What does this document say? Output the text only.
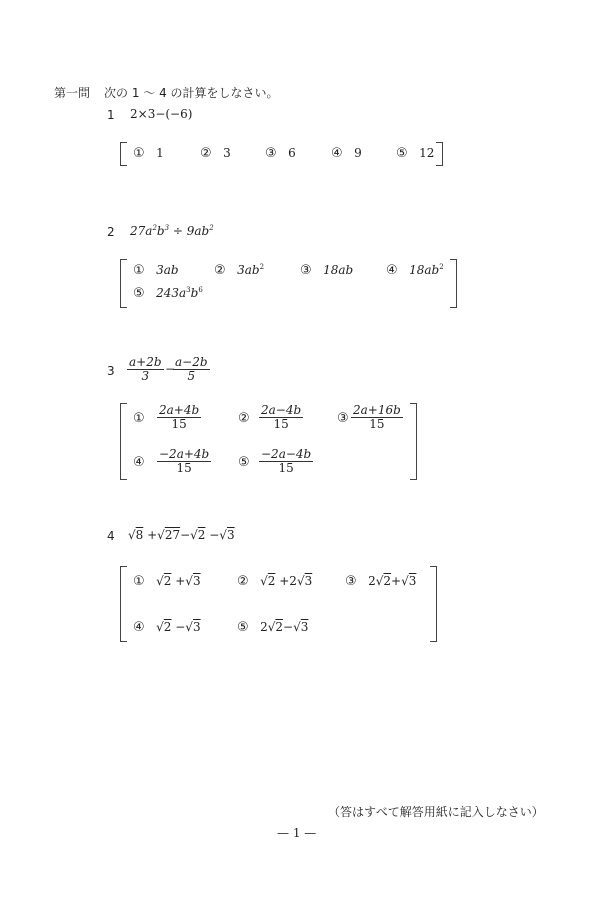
第一問 次の 1 ～ 4 の計算をしなさい。
1 2×3−(−6)
① 1	② 3	③ 6	④ 9	⑤ 12
2 $27a^2b^3 \div 9ab^2$
① 3ab	② $3ab^2$	③ 18ab	④ $18ab^2$
⑤ $243a^3b^6$
$3 \frac{a+2b}{3}$ −
$\frac{a-2b}{5}$
① $\frac{2a+4b}{15}$	② $\frac{2a-4b}{15}$	③ $\frac{2a+16b}{15}$
④ $\frac{-2a+4b}{15}$ ⑤ $\frac{-2a-4b}{15}$
4 √8 +√27−√2 −√3
① √2 +√3	② √2 +2√3	③ 2√2+√3
④ √2 −√3	⑤ 2√2−√3
（答はすべて解答用紙に記入しなさい）
— 1 —
